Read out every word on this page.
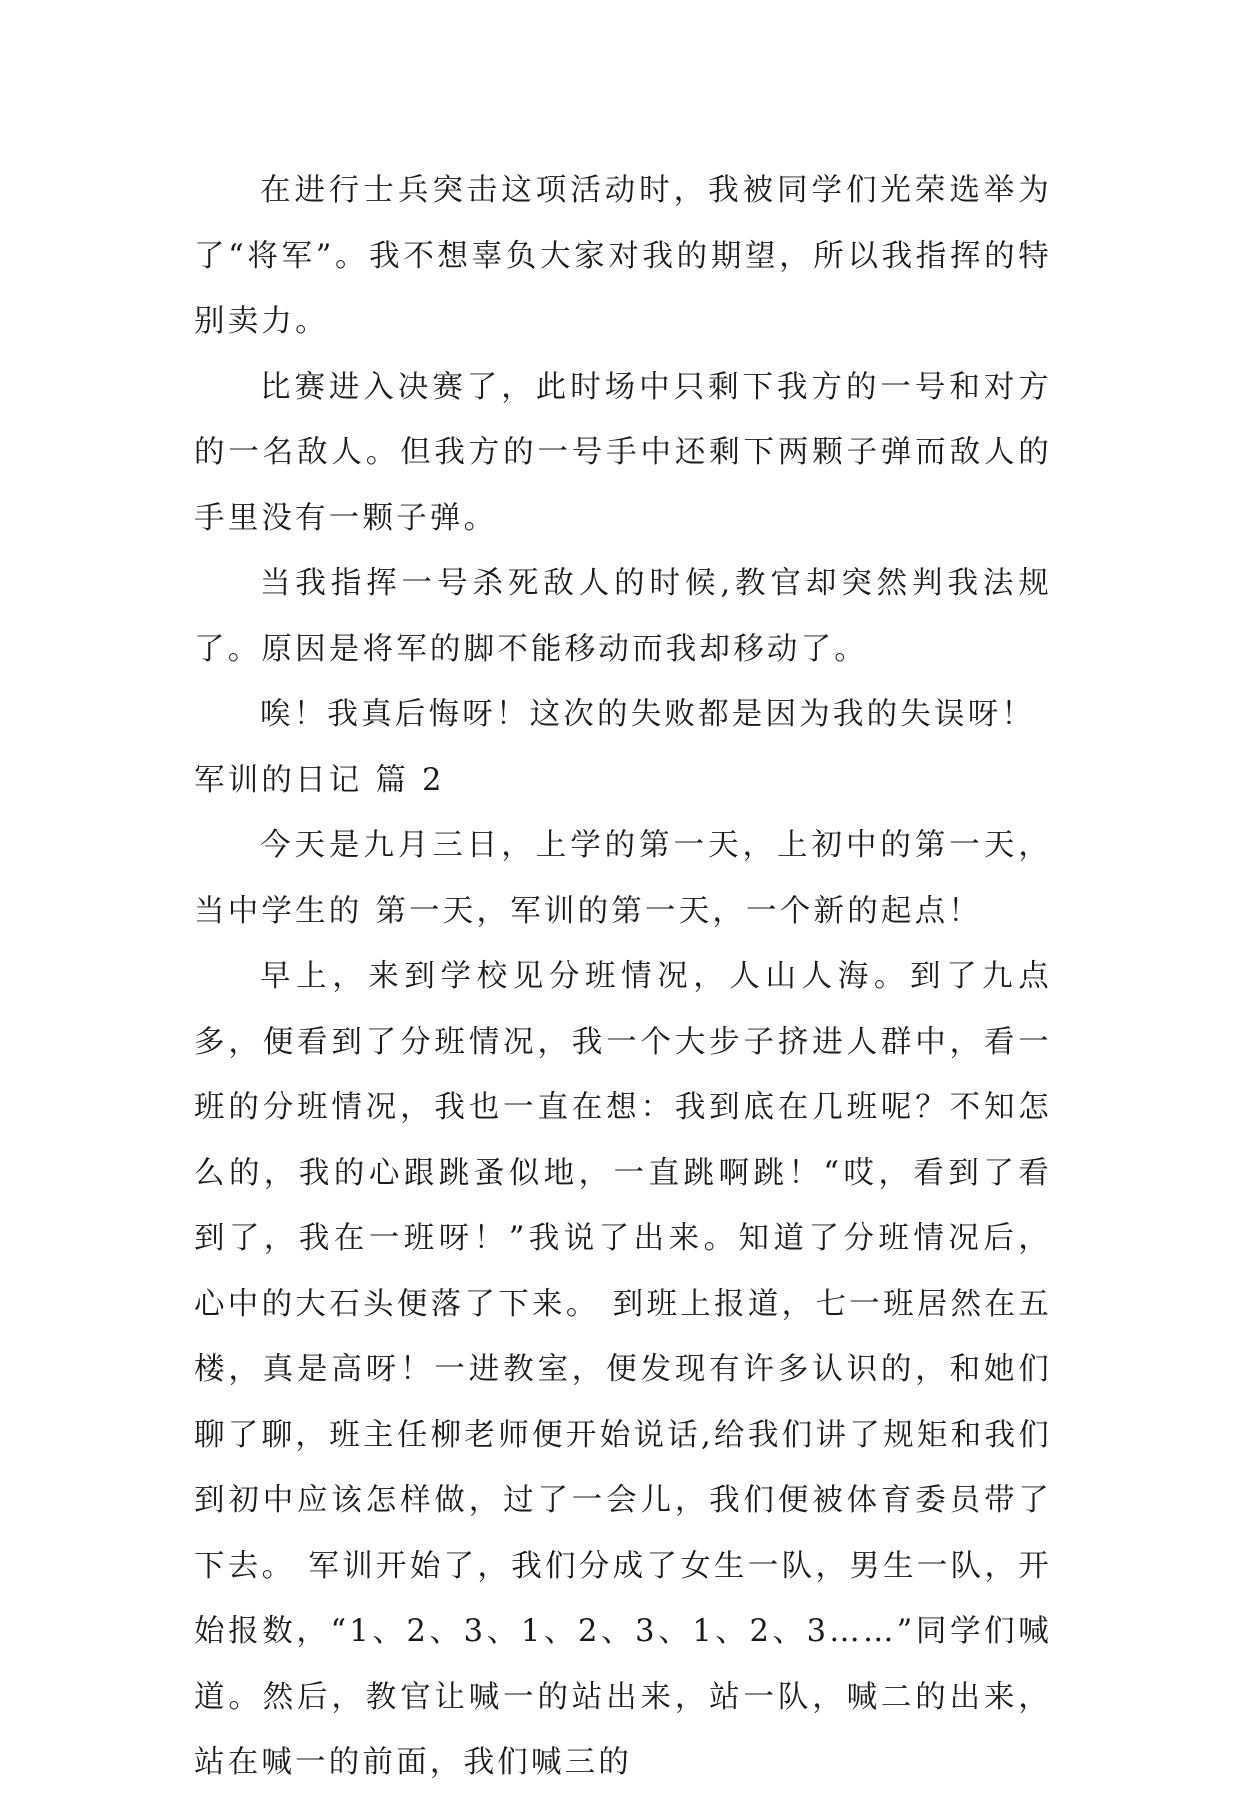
在进行士兵突击这项活动时，我被同学们光荣选举为了“将军”。我不想辜负大家对我的期望，所以我指挥的特别卖力。

比赛进入决赛了，此时场中只剩下我方的一号和对方的一名敌人。但我方的一号手中还剩下两颗子弹而敌人的手里没有一颗子弹。

当我指挥一号杀死敌人的时候,教官却突然判我法规了。原因是将军的脚不能移动而我却移动了。

唉！我真后悔呀！这次的失败都是因为我的失误呀！

军训的日记 篇 2

今天是九月三日，上学的第一天，上初中的第一天，当中学生的 第一天，军训的第一天，一个新的起点！

早上，来到学校见分班情况，人山人海。到了九点多，便看到了分班情况，我一个大步子挤进人群中，看一班的分班情况，我也一直在想：我到底在几班呢？不知怎么的，我的心跟跳蚤似地，一直跳啊跳！“哎，看到了看到了，我在一班呀！”我说了出来。知道了分班情况后，心中的大石头便落了下来。 到班上报道，七一班居然在五楼，真是高呀！一进教室，便发现有许多认识的，和她们聊了聊，班主任柳老师便开始说话,给我们讲了规矩和我们到初中应该怎样做，过了一会儿，我们便被体育委员带了下去。 军训开始了，我们分成了女生一队，男生一队，开始报数，“1、2、3、1、2、3、1、2、3……”同学们喊道。然后，教官让喊一的站出来，站一队，喊二的出来，站在喊一的前面，我们喊三的
